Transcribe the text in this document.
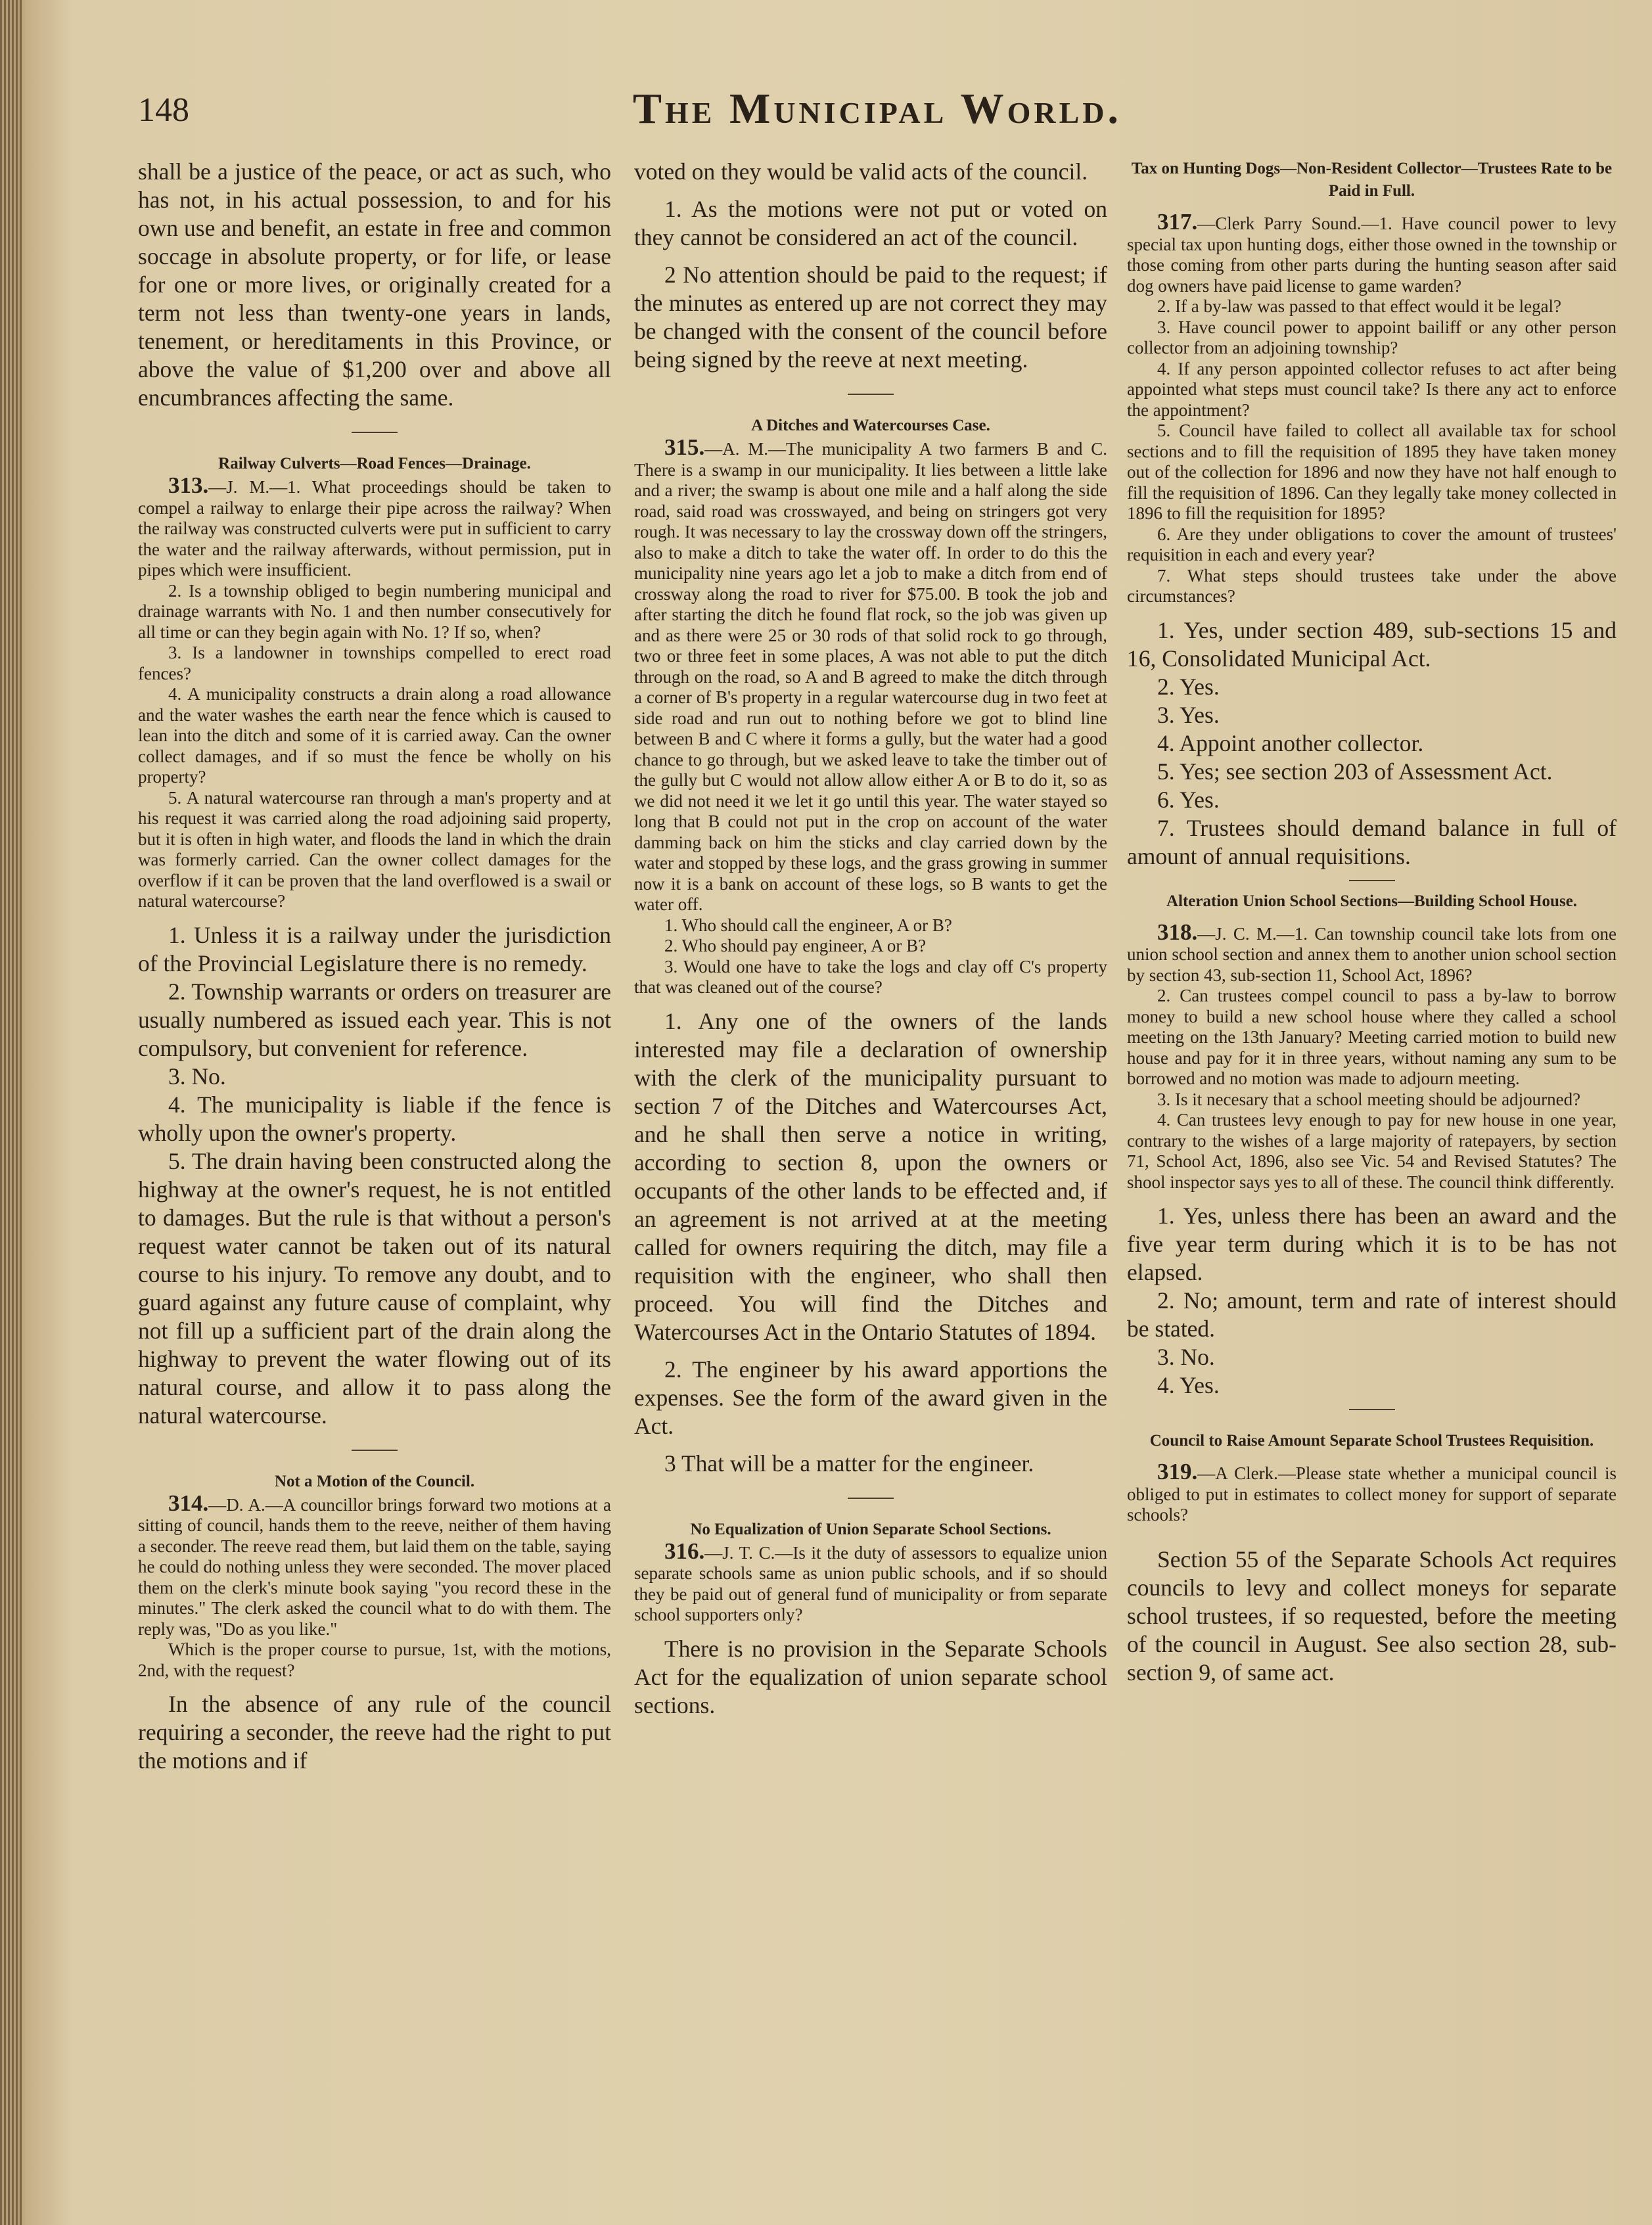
148	The Municipal World.

shall be a justice of the peace, or act as such, who has not, in his actual possession, to and for his own use and benefit, an estate in free and common soccage in absolute property, or for life, or lease for one or more lives, or originally created for a term not less than twenty-one years in lands, tenement, or hereditaments in this Province, or above the value of $1,200 over and above all encumbrances affecting the same.

Railway Culverts—Road Fences—Drainage.

313.—J. M.—1. What proceedings should be taken to compel a railway to enlarge their pipe across the railway? When the railway was constructed culverts were put in sufficient to carry the water and the railway afterwards, without permission, put in pipes which were insufficient.

2. Is a township obliged to begin numbering municipal and drainage warrants with No. 1 and then number consecutively for all time or can they begin again with No. 1? If so, when?

3. Is a landowner in townships compelled to erect road fences?

4. A municipality constructs a drain along a road allowance and the water washes the earth near the fence which is caused to lean into the ditch and some of it is carried away. Can the owner collect damages, and if so must the fence be wholly on his property?

5. A natural watercourse ran through a man's property and at his request it was carried along the road adjoining said property, but it is often in high water, and floods the land in which the drain was formerly carried. Can the owner collect damages for the overflow if it can be proven that the land overflowed is a swail or natural watercourse?

1. Unless it is a railway under the jurisdiction of the Provincial Legislature there is no remedy.

2. Township warrants or orders on treasurer are usually numbered as issued each year. This is not compulsory, but convenient for reference.

3. No.

4. The municipality is liable if the fence is wholly upon the owner's property.

5. The drain having been constructed along the highway at the owner's request, he is not entitled to damages. But the rule is that without a person's request water cannot be taken out of its natural course to his injury. To remove any doubt, and to guard against any future cause of complaint, why not fill up a sufficient part of the drain along the highway to prevent the water flowing out of its natural course, and allow it to pass along the natural watercourse.

Not a Motion of the Council.

314.—D. A.—A councillor brings forward two motions at a sitting of council, hands them to the reeve, neither of them having a seconder. The reeve read them, but laid them on the table, saying he could do nothing unless they were seconded. The mover placed them on the clerk's minute book saying "you record these in the minutes." The clerk asked the council what to do with them. The reply was, "Do as you like."

Which is the proper course to pursue, 1st, with the motions, 2nd, with the request?

In the absence of any rule of the council requiring a seconder, the reeve had the right to put the motions and if

voted on they would be valid acts of the council.

1. As the motions were not put or voted on they cannot be considered an act of the council.

2 No attention should be paid to the request; if the minutes as entered up are not correct they may be changed with the consent of the council before being signed by the reeve at next meeting.

A Ditches and Watercourses Case.

315.—A. M.—The municipality A two farmers B and C. There is a swamp in our municipality. It lies between a little lake and a river; the swamp is about one mile and a half along the side road, said road was crosswayed, and being on stringers got very rough. It was necessary to lay the crossway down off the stringers, also to make a ditch to take the water off. In order to do this the municipality nine years ago let a job to make a ditch from end of crossway along the road to river for $75.00. B took the job and after starting the ditch he found flat rock, so the job was given up and as there were 25 or 30 rods of that solid rock to go through, two or three feet in some places, A was not able to put the ditch through on the road, so A and B agreed to make the ditch through a corner of B's property in a regular watercourse dug in two feet at side road and run out to nothing before we got to blind line between B and C where it forms a gully, but the water had a good chance to go through, but we asked leave to take the timber out of the gully but C would not allow allow either A or B to do it, so as we did not need it we let it go until this year. The water stayed so long that B could not put in the crop on account of the water damming back on him the sticks and clay carried down by the water and stopped by these logs, and the grass growing in summer now it is a bank on account of these logs, so B wants to get the water off.

1. Who should call the engineer, A or B?

2. Who should pay engineer, A or B?

3. Would one have to take the logs and clay off C's property that was cleaned out of the course?

1. Any one of the owners of the lands interested may file a declaration of ownership with the clerk of the municipality pursuant to section 7 of the Ditches and Watercourses Act, and he shall then serve a notice in writing, according to section 8, upon the owners or occupants of the other lands to be effected and, if an agreement is not arrived at at the meeting called for owners requiring the ditch, may file a requisition with the engineer, who shall then proceed. You will find the Ditches and Watercourses Act in the Ontario Statutes of 1894.

2. The engineer by his award apportions the expenses. See the form of the award given in the Act.

3 That will be a matter for the engineer.

No Equalization of Union Separate School Sections.

316.—J. T. C.—Is it the duty of assessors to equalize union separate schools same as union public schools, and if so should they be paid out of general fund of municipality or from separate school supporters only?

There is no provision in the Separate Schools Act for the equalization of union separate school sections.

Tax on Hunting Dogs—Non-Resident Collector—Trustees Rate to be Paid in Full.

317.—Clerk Parry Sound.—1. Have council power to levy special tax upon hunting dogs, either those owned in the township or those coming from other parts during the hunting season after said dog owners have paid license to game warden?

2. If a by-law was passed to that effect would it be legal?

3. Have council power to appoint bailiff or any other person collector from an adjoining township?

4. If any person appointed collector refuses to act after being appointed what steps must council take? Is there any act to enforce the appointment?

5. Council have failed to collect all available tax for school sections and to fill the requisition of 1895 they have taken money out of the collection for 1896 and now they have not half enough to fill the requisition of 1896. Can they legally take money collected in 1896 to fill the requisition for 1895?

6. Are they under obligations to cover the amount of trustees' requisition in each and every year?

7. What steps should trustees take under the above circumstances?

1. Yes, under section 489, sub-sections 15 and 16, Consolidated Municipal Act.

2. Yes.

3. Yes.

4. Appoint another collector.

5. Yes; see section 203 of Assessment Act.

6. Yes.

7. Trustees should demand balance in full of amount of annual requisitions.

Alteration Union School Sections—Building School House.

318.—J. C. M.—1. Can township council take lots from one union school section and annex them to another union school section by section 43, sub-section 11, School Act, 1896?

2. Can trustees compel council to pass a by-law to borrow money to build a new school house where they called a school meeting on the 13th January? Meeting carried motion to build new house and pay for it in three years, without naming any sum to be borrowed and no motion was made to adjourn meeting.

3. Is it necesary that a school meeting should be adjourned?

4. Can trustees levy enough to pay for new house in one year, contrary to the wishes of a large majority of ratepayers, by section 71, School Act, 1896, also see Vic. 54 and Revised Statutes? The shool inspector says yes to all of these. The council think differently.

1. Yes, unless there has been an award and the five year term during which it is to be has not elapsed.

2. No; amount, term and rate of interest should be stated.

3. No.

4. Yes.

Council to Raise Amount Separate School Trustees Requisition.

319.—A Clerk.—Please state whether a municipal council is obliged to put in estimates to collect money for support of separate schools?

Section 55 of the Separate Schools Act requires councils to levy and collect moneys for separate school trustees, if so requested, before the meeting of the council in August. See also section 28, sub-section 9, of same act.
